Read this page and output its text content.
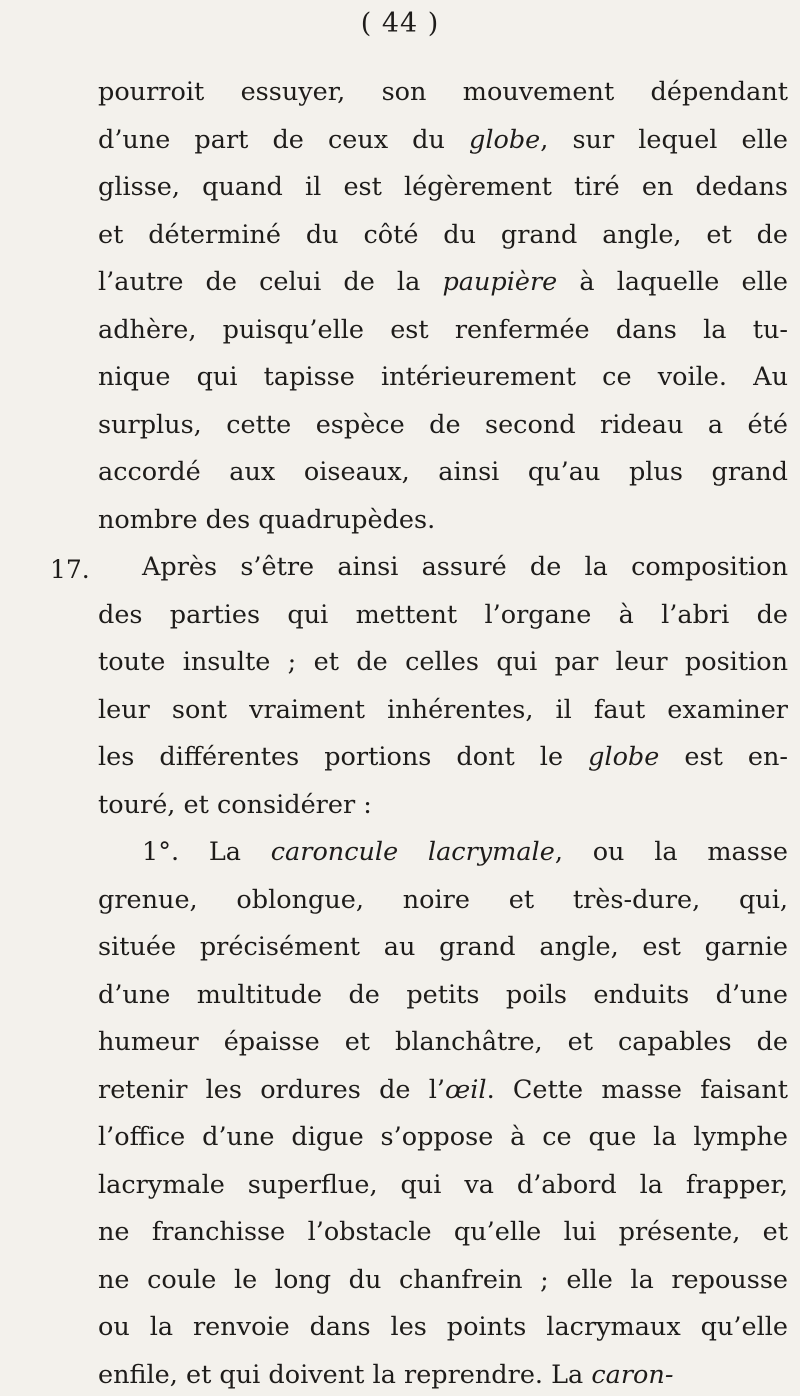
( 44 )
pourroit essuyer, son mouvement dépendant
d’une part de ceux du globe, sur lequel elle
glisse, quand il est légèrement tiré en dedans
et déterminé du côté du grand angle, et de
l’autre de celui de la paupière à laquelle elle
adhère, puisqu’elle est renfermée dans la tu-
nique qui tapisse intérieurement ce voile. Au
surplus, cette espèce de second rideau a été
accordé aux oiseaux, ainsi qu’au plus grand
nombre des quadrupèdes.
17. Après s’être ainsi assuré de la composition
des parties qui mettent l’organe à l’abri de
toute insulte ; et de celles qui par leur position
leur sont vraiment inhérentes, il faut examiner
les différentes portions dont le globe est en-
touré, et considérer :
1°. La caroncule lacrymale, ou la masse
grenue, oblongue, noire et très-dure, qui,
située précisément au grand angle, est garnie
d’une multitude de petits poils enduits d’une
humeur épaisse et blanchâtre, et capables de
retenir les ordures de l’œil. Cette masse faisant
l’office d’une digue s’oppose à ce que la lymphe
lacrymale superflue, qui va d’abord la frapper,
ne franchisse l’obstacle qu’elle lui présente, et
ne coule le long du chanfrein ; elle la repousse
ou la renvoie dans les points lacrymaux qu’elle
enfile, et qui doivent la reprendre. La caron-
